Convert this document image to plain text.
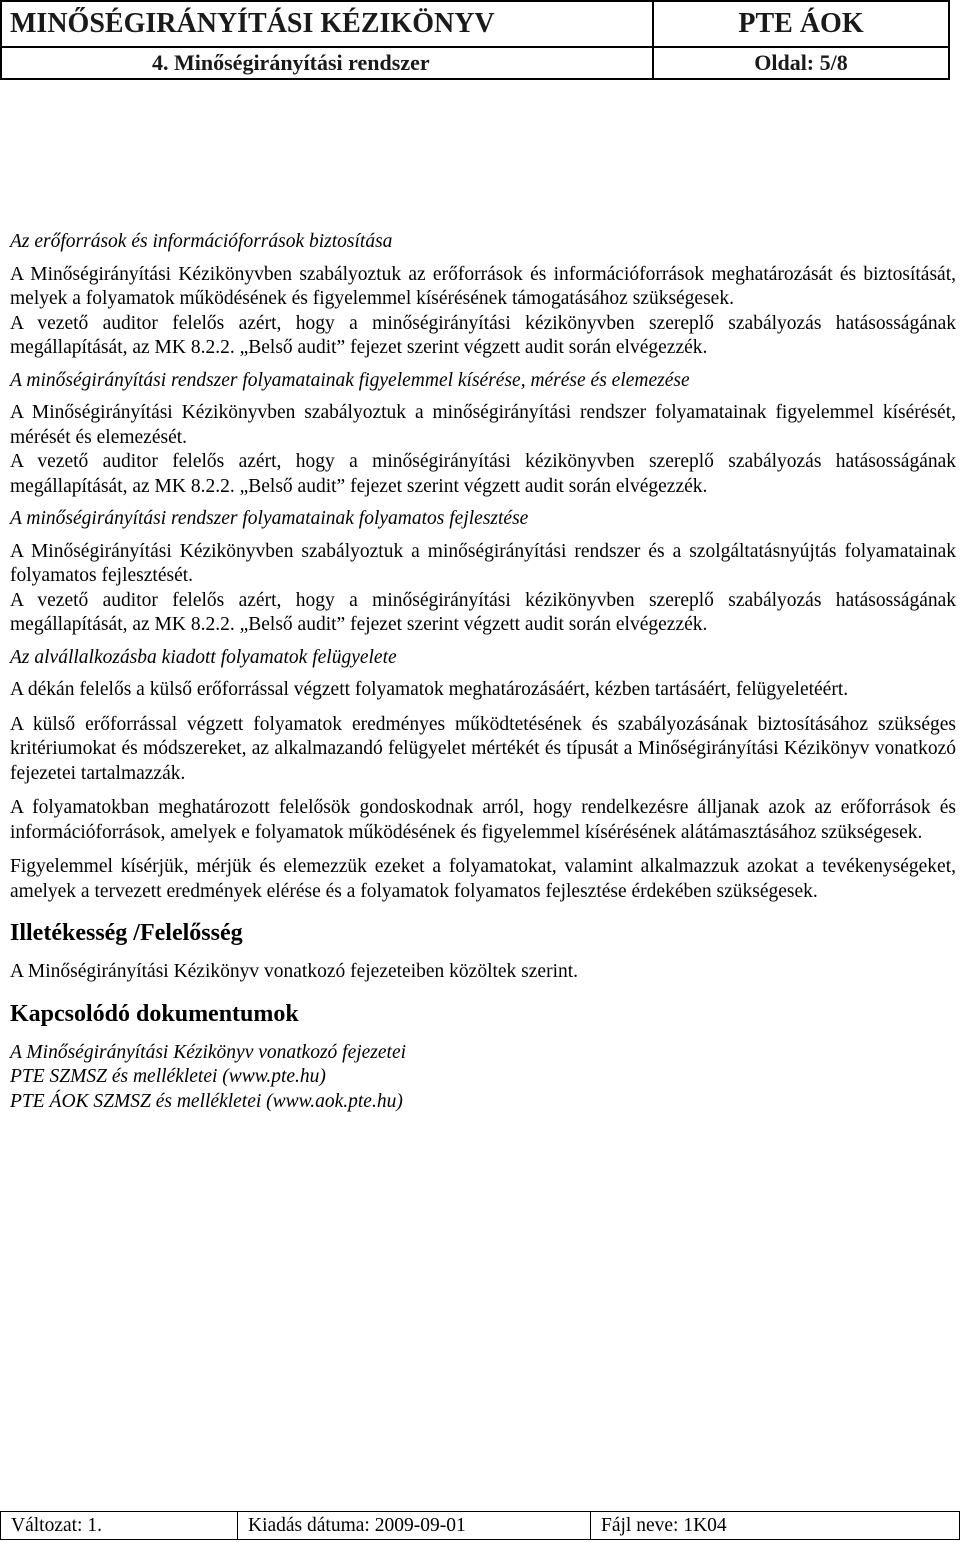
MINŐSÉGIRÁNYÍTÁSI KÉZIKÖNYV	PTE ÁOK
4. Minőségirányítási rendszer	Oldal: 5/8

Az erőforrások és információforrások biztosítása

A Minőségirányítási Kézikönyvben szabályoztuk az erőforrások és információforrások meghatározását és biztosítását, melyek a folyamatok működésének és figyelemmel kísérésének támogatásához szükségesek.

A vezető auditor felelős azért, hogy a minőségirányítási kézikönyvben szereplő szabályozás hatásosságának megállapítását, az MK 8.2.2. „Belső audit” fejezet szerint végzett audit során elvégezzék.

A minőségirányítási rendszer folyamatainak figyelemmel kísérése, mérése és elemezése

A Minőségirányítási Kézikönyvben szabályoztuk a minőségirányítási rendszer folyamatainak figyelemmel kísérését, mérését és elemezését.

A vezető auditor felelős azért, hogy a minőségirányítási kézikönyvben szereplő szabályozás hatásosságának megállapítását, az MK 8.2.2. „Belső audit” fejezet szerint végzett audit során elvégezzék.

A minőségirányítási rendszer folyamatainak folyamatos fejlesztése

A Minőségirányítási Kézikönyvben szabályoztuk a minőségirányítási rendszer és a szolgáltatásnyújtás folyamatainak folyamatos fejlesztését.

A vezető auditor felelős azért, hogy a minőségirányítási kézikönyvben szereplő szabályozás hatásosságának megállapítását, az MK 8.2.2. „Belső audit” fejezet szerint végzett audit során elvégezzék.

Az alvállalkozásba kiadott folyamatok felügyelete

A dékán felelős a külső erőforrással végzett folyamatok meghatározásáért, kézben tartásáért, felügyeletéért.

A külső erőforrással végzett folyamatok eredményes működtetésének és szabályozásának biztosításához szükséges kritériumokat és módszereket, az alkalmazandó felügyelet mértékét és típusát a Minőségirányítási Kézikönyv vonatkozó fejezetei tartalmazzák.

A folyamatokban meghatározott felelősök gondoskodnak arról, hogy rendelkezésre álljanak azok az erőforrások és információforrások, amelyek e folyamatok működésének és figyelemmel kísérésének alátámasztásához szükségesek.

Figyelemmel kísérjük, mérjük és elemezzük ezeket a folyamatokat, valamint alkalmazzuk azokat a tevékenységeket, amelyek a tervezett eredmények elérése és a folyamatok folyamatos fejlesztése érdekében szükségesek.

Illetékesség /Felelősség

A Minőségirányítási Kézikönyv vonatkozó fejezeteiben közöltek szerint.

Kapcsolódó dokumentumok

A Minőségirányítási Kézikönyv vonatkozó fejezetei

PTE SZMSZ és mellékletei (www.pte.hu)

PTE ÁOK SZMSZ és mellékletei (www.aok.pte.hu)

Változat: 1.	Kiadás dátuma: 2009-09-01	Fájl neve: 1K04
